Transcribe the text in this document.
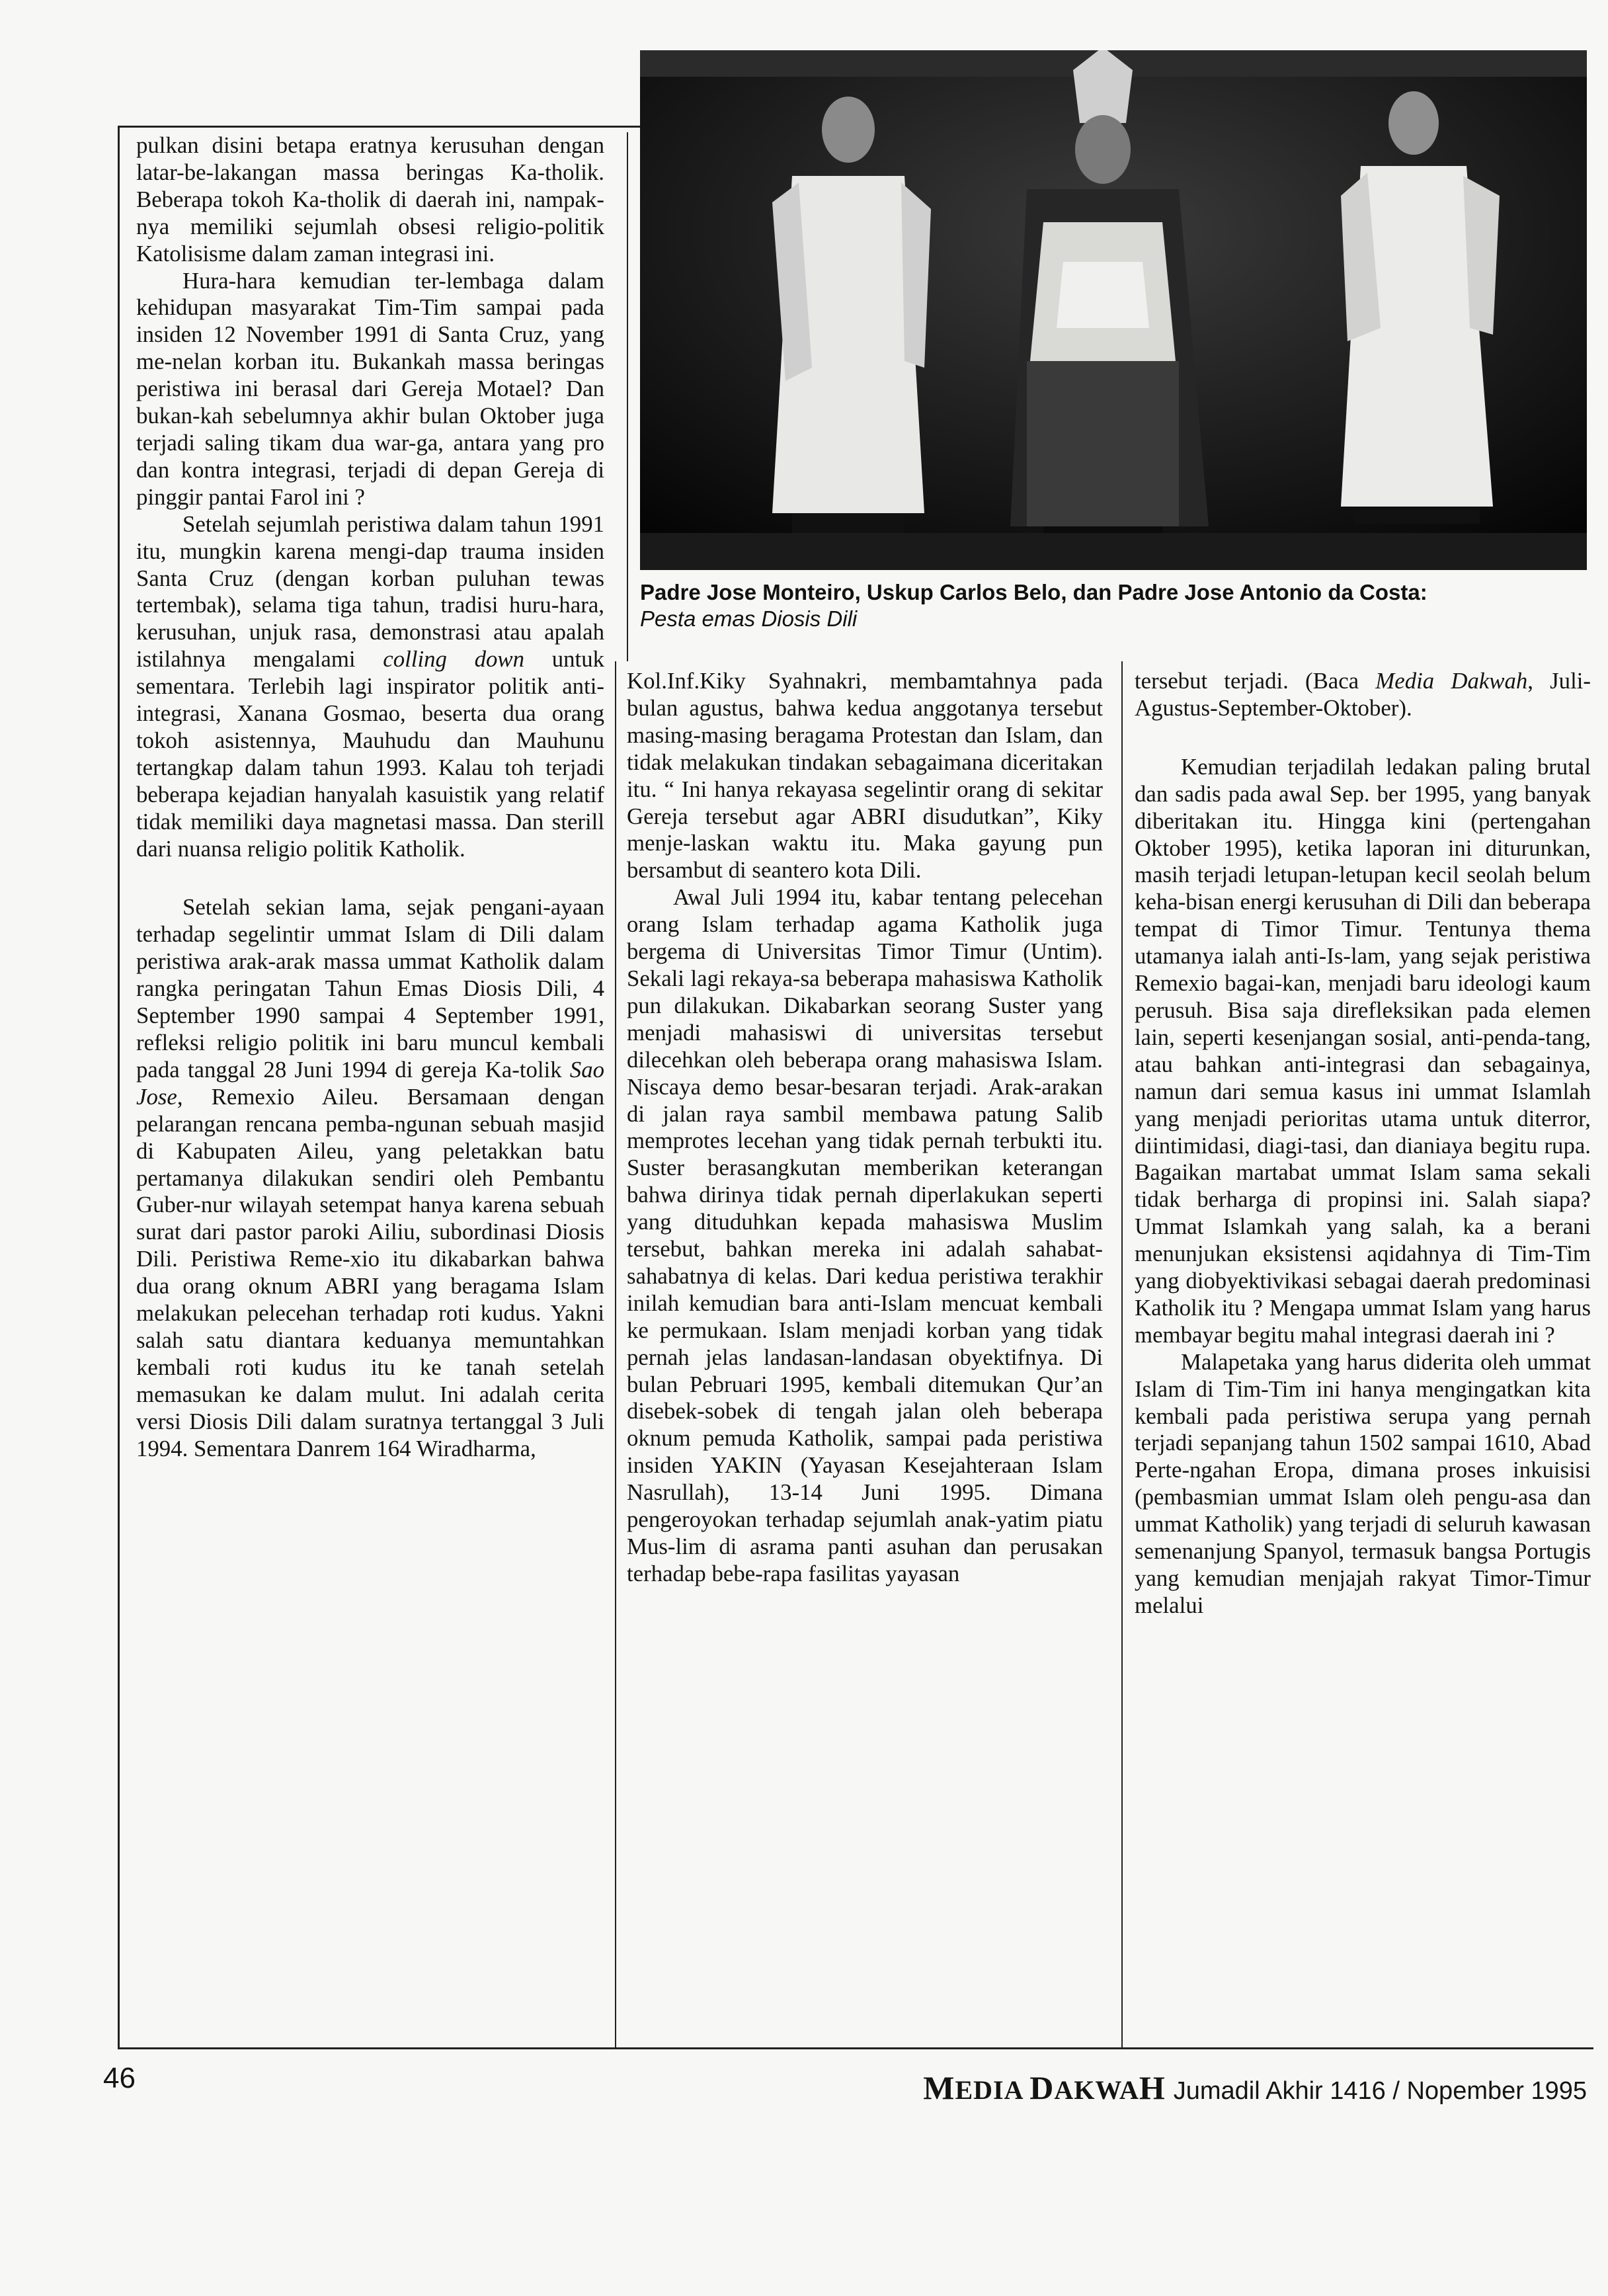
Padre Jose Monteiro, Uskup Carlos Belo, dan Padre Jose Antonio da Costa:
Pesta emas Diosis Dili

pulkan disini betapa eratnya kerusuhan dengan latar-be-lakangan massa beringas Ka-tholik. Beberapa tokoh Ka-tholik di daerah ini, nampak-nya memiliki sejumlah obsesi religio-politik Katolisisme dalam zaman integrasi ini.

Hura-hara kemudian ter-lembaga dalam kehidupan masyarakat Tim-Tim sampai pada insiden 12 November 1991 di Santa Cruz, yang me-nelan korban itu. Bukankah massa beringas peristiwa ini berasal dari Gereja Motael? Dan bukan-kah sebelumnya akhir bulan Oktober juga terjadi saling tikam dua war-ga, antara yang pro dan kontra integrasi, terjadi di depan Gereja di pinggir pantai Farol ini ?

Setelah sejumlah peristiwa dalam tahun 1991 itu, mungkin karena mengi-dap trauma insiden Santa Cruz (dengan korban puluhan tewas tertembak), selama tiga tahun, tradisi huru-hara, kerusuhan, unjuk rasa, demonstrasi atau apalah istilahnya mengalami colling down untuk sementara. Terlebih lagi inspirator politik anti-integrasi, Xanana Gosmao, beserta dua orang tokoh asistennya, Mauhudu dan Mauhunu tertangkap dalam tahun 1993. Kalau toh terjadi beberapa kejadian hanyalah kasuistik yang relatif tidak memiliki daya magnetasi massa. Dan sterill dari nuansa religio politik Katholik.

Setelah sekian lama, sejak pengani-ayaan terhadap segelintir ummat Islam di Dili dalam peristiwa arak-arak massa ummat Katholik dalam rangka peringatan Tahun Emas Diosis Dili, 4 September 1990 sampai 4 September 1991, refleksi religio politik ini baru muncul kembali pada tanggal 28 Juni 1994 di gereja Ka-tolik Sao Jose, Remexio Aileu. Bersamaan dengan pelarangan rencana pemba-ngunan sebuah masjid di Kabupaten Aileu, yang peletakkan batu pertamanya dilakukan sendiri oleh Pembantu Guber-nur wilayah setempat hanya karena sebuah surat dari pastor paroki Ailiu, subordinasi Diosis Dili. Peristiwa Reme-xio itu dikabarkan bahwa dua orang oknum ABRI yang beragama Islam melakukan pelecehan terhadap roti kudus. Yakni salah satu diantara keduanya memuntahkan kembali roti kudus itu ke tanah setelah memasukan ke dalam mulut. Ini adalah cerita versi Diosis Dili dalam suratnya tertanggal 3 Juli 1994. Sementara Danrem 164 Wiradharma,

Kol.Inf.Kiky Syahnakri, membamtahnya pada bulan agustus, bahwa kedua anggotanya tersebut masing-masing beragama Protestan dan Islam, dan tidak melakukan tindakan sebagaimana diceritakan itu. “ Ini hanya rekayasa segelintir orang di sekitar Gereja tersebut agar ABRI disudutkan”, Kiky menje-laskan waktu itu. Maka gayung pun bersambut di seantero kota Dili.

Awal Juli 1994 itu, kabar tentang pelecehan orang Islam terhadap agama Katholik juga bergema di Universitas Timor Timur (Untim). Sekali lagi rekaya-sa beberapa mahasiswa Katholik pun dilakukan. Dikabarkan seorang Suster yang menjadi mahasiswi di universitas tersebut dilecehkan oleh beberapa orang mahasiswa Islam. Niscaya demo besar-besaran terjadi. Arak-arakan di jalan raya sambil membawa patung Salib memprotes lecehan yang tidak pernah terbukti itu. Suster berasangkutan memberikan keterangan bahwa dirinya tidak pernah diperlakukan seperti yang dituduhkan kepada mahasiswa Muslim tersebut, bahkan mereka ini adalah sahabat-sahabatnya di kelas. Dari kedua peristiwa terakhir inilah kemudian bara anti-Islam mencuat kembali ke permukaan. Islam menjadi korban yang tidak pernah jelas landasan-landasan obyektifnya. Di bulan Pebruari 1995, kembali ditemukan Qur’an disebek-sobek di tengah jalan oleh beberapa oknum pemuda Katholik, sampai pada peristiwa insiden YAKIN (Yayasan Kesejahteraan Islam Nasrullah), 13-14 Juni 1995. Dimana pengeroyokan terhadap sejumlah anak-yatim piatu Mus-lim di asrama panti asuhan dan perusakan terhadap bebe-rapa fasilitas yayasan

tersebut terjadi. (Baca Media Dakwah, Juli-Agustus-September-Oktober).

Kemudian terjadilah ledakan paling brutal dan sadis pada awal Sep. ber 1995, yang banyak diberitakan itu. Hingga kini (pertengahan Oktober 1995), ketika laporan ini diturunkan, masih terjadi letupan-letupan kecil seolah belum keha-bisan energi kerusuhan di Dili dan beberapa tempat di Timor Timur. Tentunya thema utamanya ialah anti-Is-lam, yang sejak peristiwa Remexio bagai-kan, menjadi baru ideologi kaum perusuh. Bisa saja direfleksikan pada elemen lain, seperti kesenjangan sosial, anti-penda-tang, atau bahkan anti-integrasi dan sebagainya, namun dari semua kasus ini ummat Islamlah yang menjadi perioritas utama untuk diterror, diintimidasi, diagi-tasi, dan dianiaya begitu rupa. Bagaikan martabat ummat Islam sama sekali tidak berharga di propinsi ini. Salah siapa? Ummat Islamkah yang salah, ka a berani menunjukan eksistensi aqidahnya di Tim-Tim yang diobyektivikasi sebagai daerah predominasi Katholik itu ? Mengapa ummat Islam yang harus membayar begitu mahal integrasi daerah ini ?

Malapetaka yang harus diderita oleh ummat Islam di Tim-Tim ini hanya mengingatkan kita kembali pada peristiwa serupa yang pernah terjadi sepanjang tahun 1502 sampai 1610, Abad Perte-ngahan Eropa, dimana proses inkuisisi (pembasmian ummat Islam oleh pengu-asa dan ummat Katholik) yang terjadi di seluruh kawasan semenanjung Spanyol, termasuk bangsa Portugis yang kemudian menjajah rakyat Timor-Timur melalui

46	MEDIA DAKWAH Jumadil Akhir 1416 / Nopember 1995
